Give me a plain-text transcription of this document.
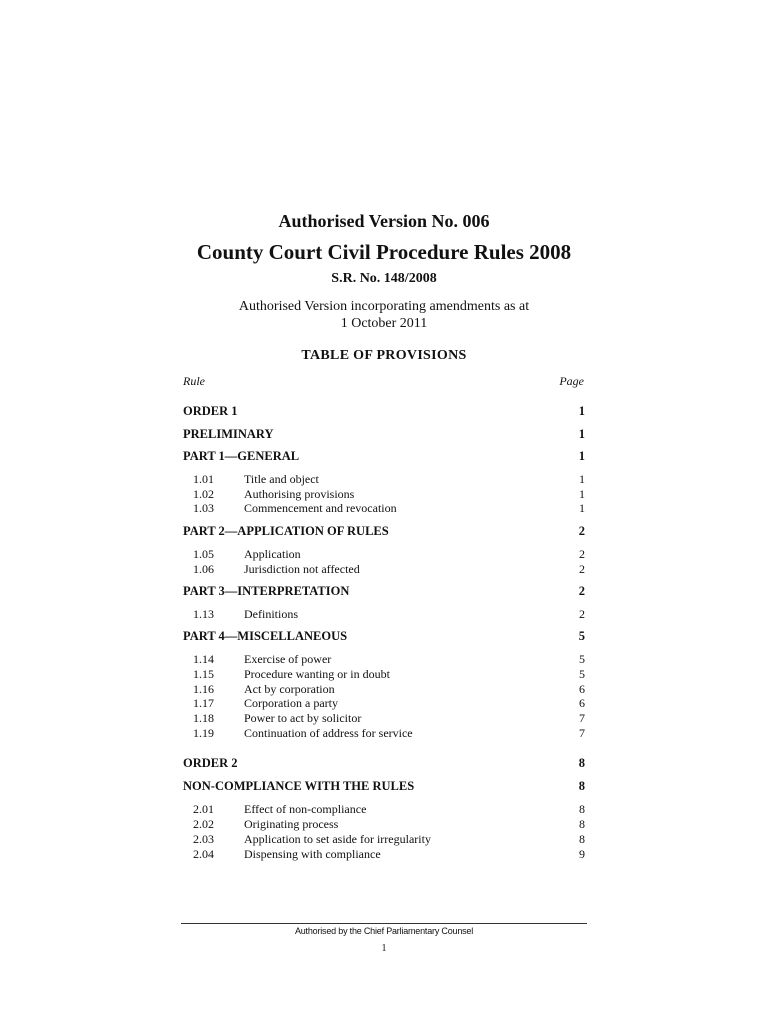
Authorised Version No. 006
County Court Civil Procedure Rules 2008
S.R. No. 148/2008
Authorised Version incorporating amendments as at
1 October 2011
TABLE OF PROVISIONS
Rule	Page
ORDER 1	1
PRELIMINARY	1
PART 1—GENERAL	1
1.01	Title and object	1
1.02	Authorising provisions	1
1.03	Commencement and revocation	1
PART 2—APPLICATION OF RULES	2
1.05	Application	2
1.06	Jurisdiction not affected	2
PART 3—INTERPRETATION	2
1.13	Definitions	2
PART 4—MISCELLANEOUS	5
1.14	Exercise of power	5
1.15	Procedure wanting or in doubt	5
1.16	Act by corporation	6
1.17	Corporation a party	6
1.18	Power to act by solicitor	7
1.19	Continuation of address for service	7
ORDER 2	8
NON-COMPLIANCE WITH THE RULES	8
2.01	Effect of non-compliance	8
2.02	Originating process	8
2.03	Application to set aside for irregularity	8
2.04	Dispensing with compliance	9
Authorised by the Chief Parliamentary Counsel
1
